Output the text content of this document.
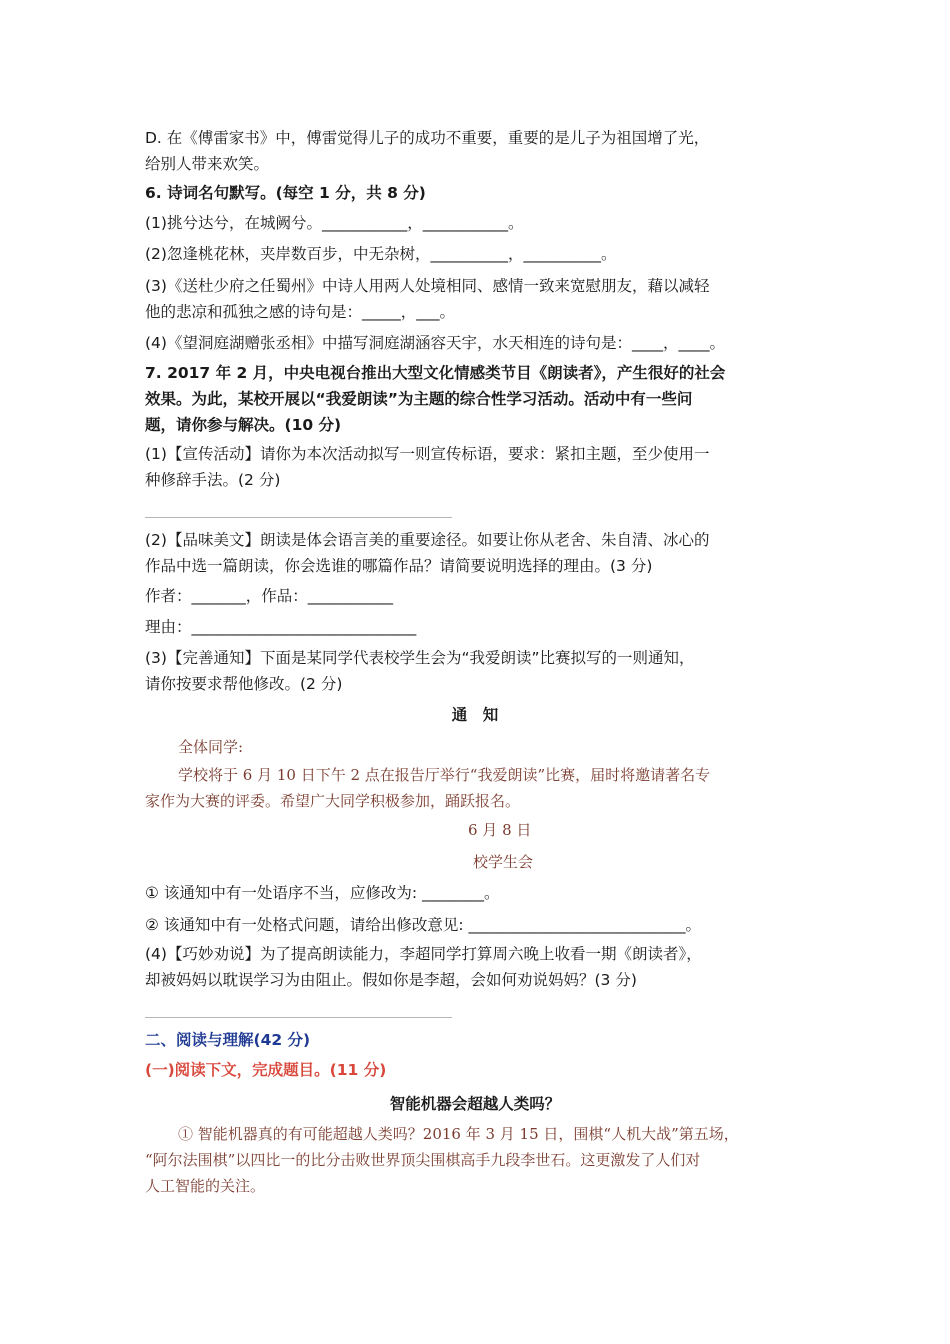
D. 在《傅雷家书》中，傅雷觉得儿子的成功不重要，重要的是儿子为祖国增了光，

给别人带来欢笑。

6. 诗词名句默写。(每空 1 分，共 8 分)

(1)挑兮达兮，在城阙兮。___________，___________。

(2)忽逢桃花林，夹岸数百步，中无杂树，__________，__________。

(3)《送杜少府之任蜀州》中诗人用两人处境相同、感情一致来宽慰朋友，藉以减轻

他的悲凉和孤独之感的诗句是：_____，___。

(4)《望洞庭湖赠张丞相》中描写洞庭湖涵容天宇，水天相连的诗句是：____，____。

7. 2017 年 2 月，中央电视台推出大型文化情感类节目《朗读者》，产生很好的社会

效果。为此，某校开展以“我爱朗读”为主题的综合性学习活动。活动中有一些问

题，请你参与解决。(10 分)

(1)【宣传活动】请你为本次活动拟写一则宣传标语，要求：紧扣主题，至少使用一

种修辞手法。(2 分)

(2)【品味美文】朗读是体会语言美的重要途径。如要让你从老舍、朱自清、冰心的

作品中选一篇朗读，你会选谁的哪篇作品？请简要说明选择的理由。(3 分)

作者：_______，作品：___________

理由：_____________________________

(3)【完善通知】下面是某同学代表校学生会为“我爱朗读”比赛拟写的一则通知，

请你按要求帮他修改。(2 分)

通　知

全体同学:

学校将于 6 月 10 日下午 2 点在报告厅举行“我爱朗读”比赛，届时将邀请著名专

家作为大赛的评委。希望广大同学积极参加，踊跃报名。

6 月 8 日

校学生会

① 该通知中有一处语序不当，应修改为: ________。

② 该通知中有一处格式问题，请给出修改意见: ____________________________。

(4)【巧妙劝说】为了提高朗读能力，李超同学打算周六晚上收看一期《朗读者》，

却被妈妈以耽误学习为由阻止。假如你是李超，会如何劝说妈妈？(3 分)

二、阅读与理解(42 分)

(一)阅读下文，完成题目。(11 分)

智能机器会超越人类吗？

① 智能机器真的有可能超越人类吗？2016 年 3 月 15 日，围棋“人机大战”第五场，

“阿尔法围棋”以四比一的比分击败世界顶尖围棋高手九段李世石。这更激发了人们对

人工智能的关注。
